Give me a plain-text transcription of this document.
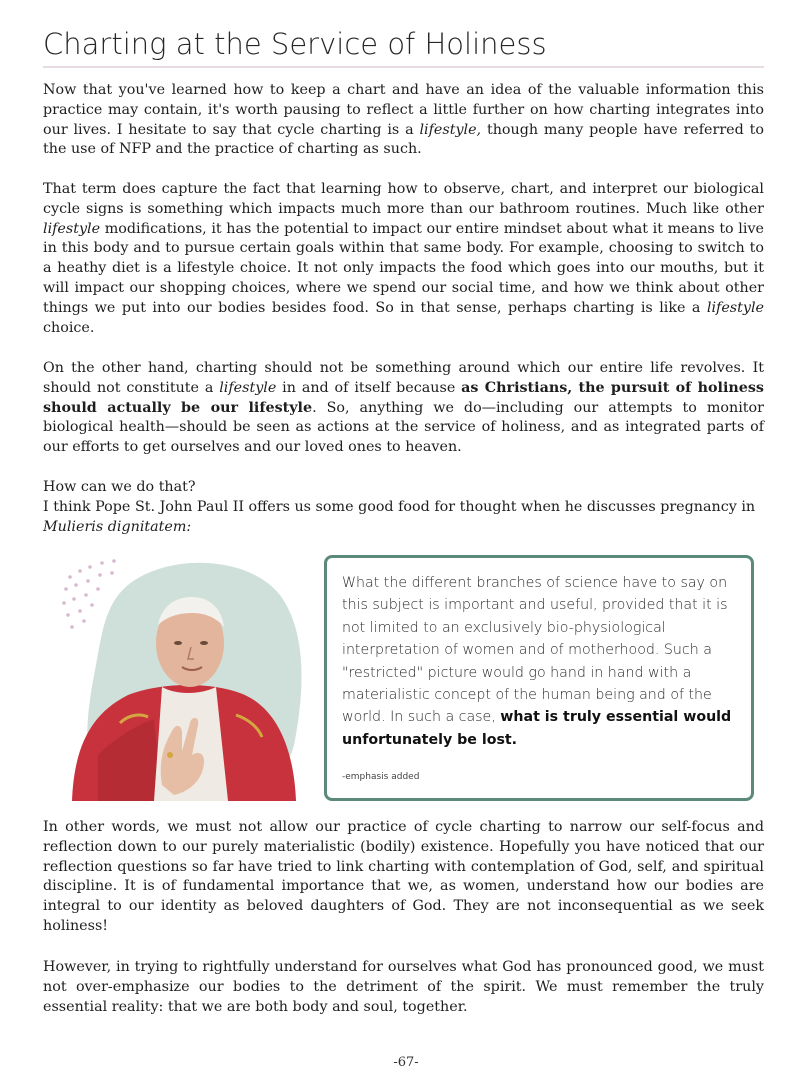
Charting at the Service of Holiness

Now that you've learned how to keep a chart and have an idea of the valuable information this practice may contain, it's worth pausing to reflect a little further on how charting integrates into our lives. I hesitate to say that cycle charting is a lifestyle, though many people have referred to the use of NFP and the practice of charting as such.

That term does capture the fact that learning how to observe, chart, and interpret our biological cycle signs is something which impacts much more than our bathroom routines. Much like other lifestyle modifications, it has the potential to impact our entire mindset about what it means to live in this body and to pursue certain goals within that same body. For example, choosing to switch to a heathy diet is a lifestyle choice. It not only impacts the food which goes into our mouths, but it will impact our shopping choices, where we spend our social time, and how we think about other things we put into our bodies besides food. So in that sense, perhaps charting is like a lifestyle choice.

On the other hand, charting should not be something around which our entire life revolves. It should not constitute a lifestyle in and of itself because as Christians, the pursuit of holiness should actually be our lifestyle. So, anything we do—including our attempts to monitor biological health—should be seen as actions at the service of holiness, and as integrated parts of our efforts to get ourselves and our loved ones to heaven.

How can we do that?
I think Pope St. John Paul II offers us some good food for thought when he discusses pregnancy in Mulieris dignitatem:

What the different branches of science have to say on this subject is important and useful, provided that it is not limited to an exclusively bio-physiological interpretation of women and of motherhood. Such a "restricted" picture would go hand in hand with a materialistic concept of the human being and of the world. In such a case, what is truly essential would unfortunately be lost.

-emphasis added

In other words, we must not allow our practice of cycle charting to narrow our self-focus and reflection down to our purely materialistic (bodily) existence. Hopefully you have noticed that our reflection questions so far have tried to link charting with contemplation of God, self, and spiritual discipline. It is of fundamental importance that we, as women, understand how our bodies are integral to our identity as beloved daughters of God. They are not inconsequential as we seek holiness!

However, in trying to rightfully understand for ourselves what God has pronounced good, we must not over-emphasize our bodies to the detriment of the spirit. We must remember the truly essential reality: that we are both body and soul, together.

-67-
